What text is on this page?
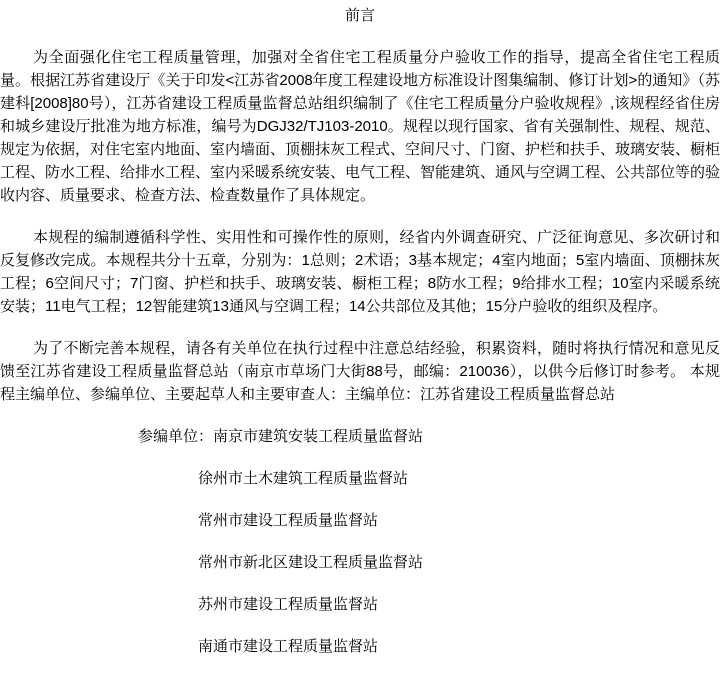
前言

为全面强化住宅工程质量管理，加强对全省住宅工程质量分户验收工作的指导，提高全省住宅工程质量。根据江苏省建设厅《关于印发<江苏省2008年度工程建设地方标准设计图集编制、修订计划>的通知》（苏建科[2008]80号），江苏省建设工程质量监督总站组织编制了《住宅工程质量分户验收规程》,该规程经省住房和城乡建设厅批准为地方标准，编号为DGJ32/TJ103-2010。规程以现行国家、省有关强制性、规程、规范、规定为依据，对住宅室内地面、室内墙面、顶棚抹灰工程式、空间尺寸、门窗、护栏和扶手、玻璃安装、橱柜工程、防水工程、给排水工程、室内采暖系统安装、电气工程、智能建筑、通风与空调工程、公共部位等的验收内容、质量要求、检查方法、检查数量作了具体规定。

本规程的编制遵循科学性、实用性和可操作性的原则，经省内外调查研究、广泛征询意见、多次研讨和反复修改完成。本规程共分十五章，分别为：1总则；2术语；3基本规定；4室内地面；5室内墙面、顶棚抹灰工程；6空间尺寸；7门窗、护栏和扶手、玻璃安装、橱柜工程；8防水工程；9给排水工程；10室内采暖系统安装；11电气工程；12智能建筑13通风与空调工程；14公共部位及其他；15分户验收的组织及程序。

为了不断完善本规程，请各有关单位在执行过程中注意总结经验，积累资料，随时将执行情况和意见反馈至江苏省建设工程质量监督总站（南京市草场门大街88号，邮编：210036），以供今后修订时参考。 本规程主编单位、参编单位、主要起草人和主要审查人：主编单位：江苏省建设工程质量监督总站

参编单位：南京市建筑安装工程质量监督站

徐州市土木建筑工程质量监督站

常州市建设工程质量监督站

常州市新北区建设工程质量监督站

苏州市建设工程质量监督站

南通市建设工程质量监督站
